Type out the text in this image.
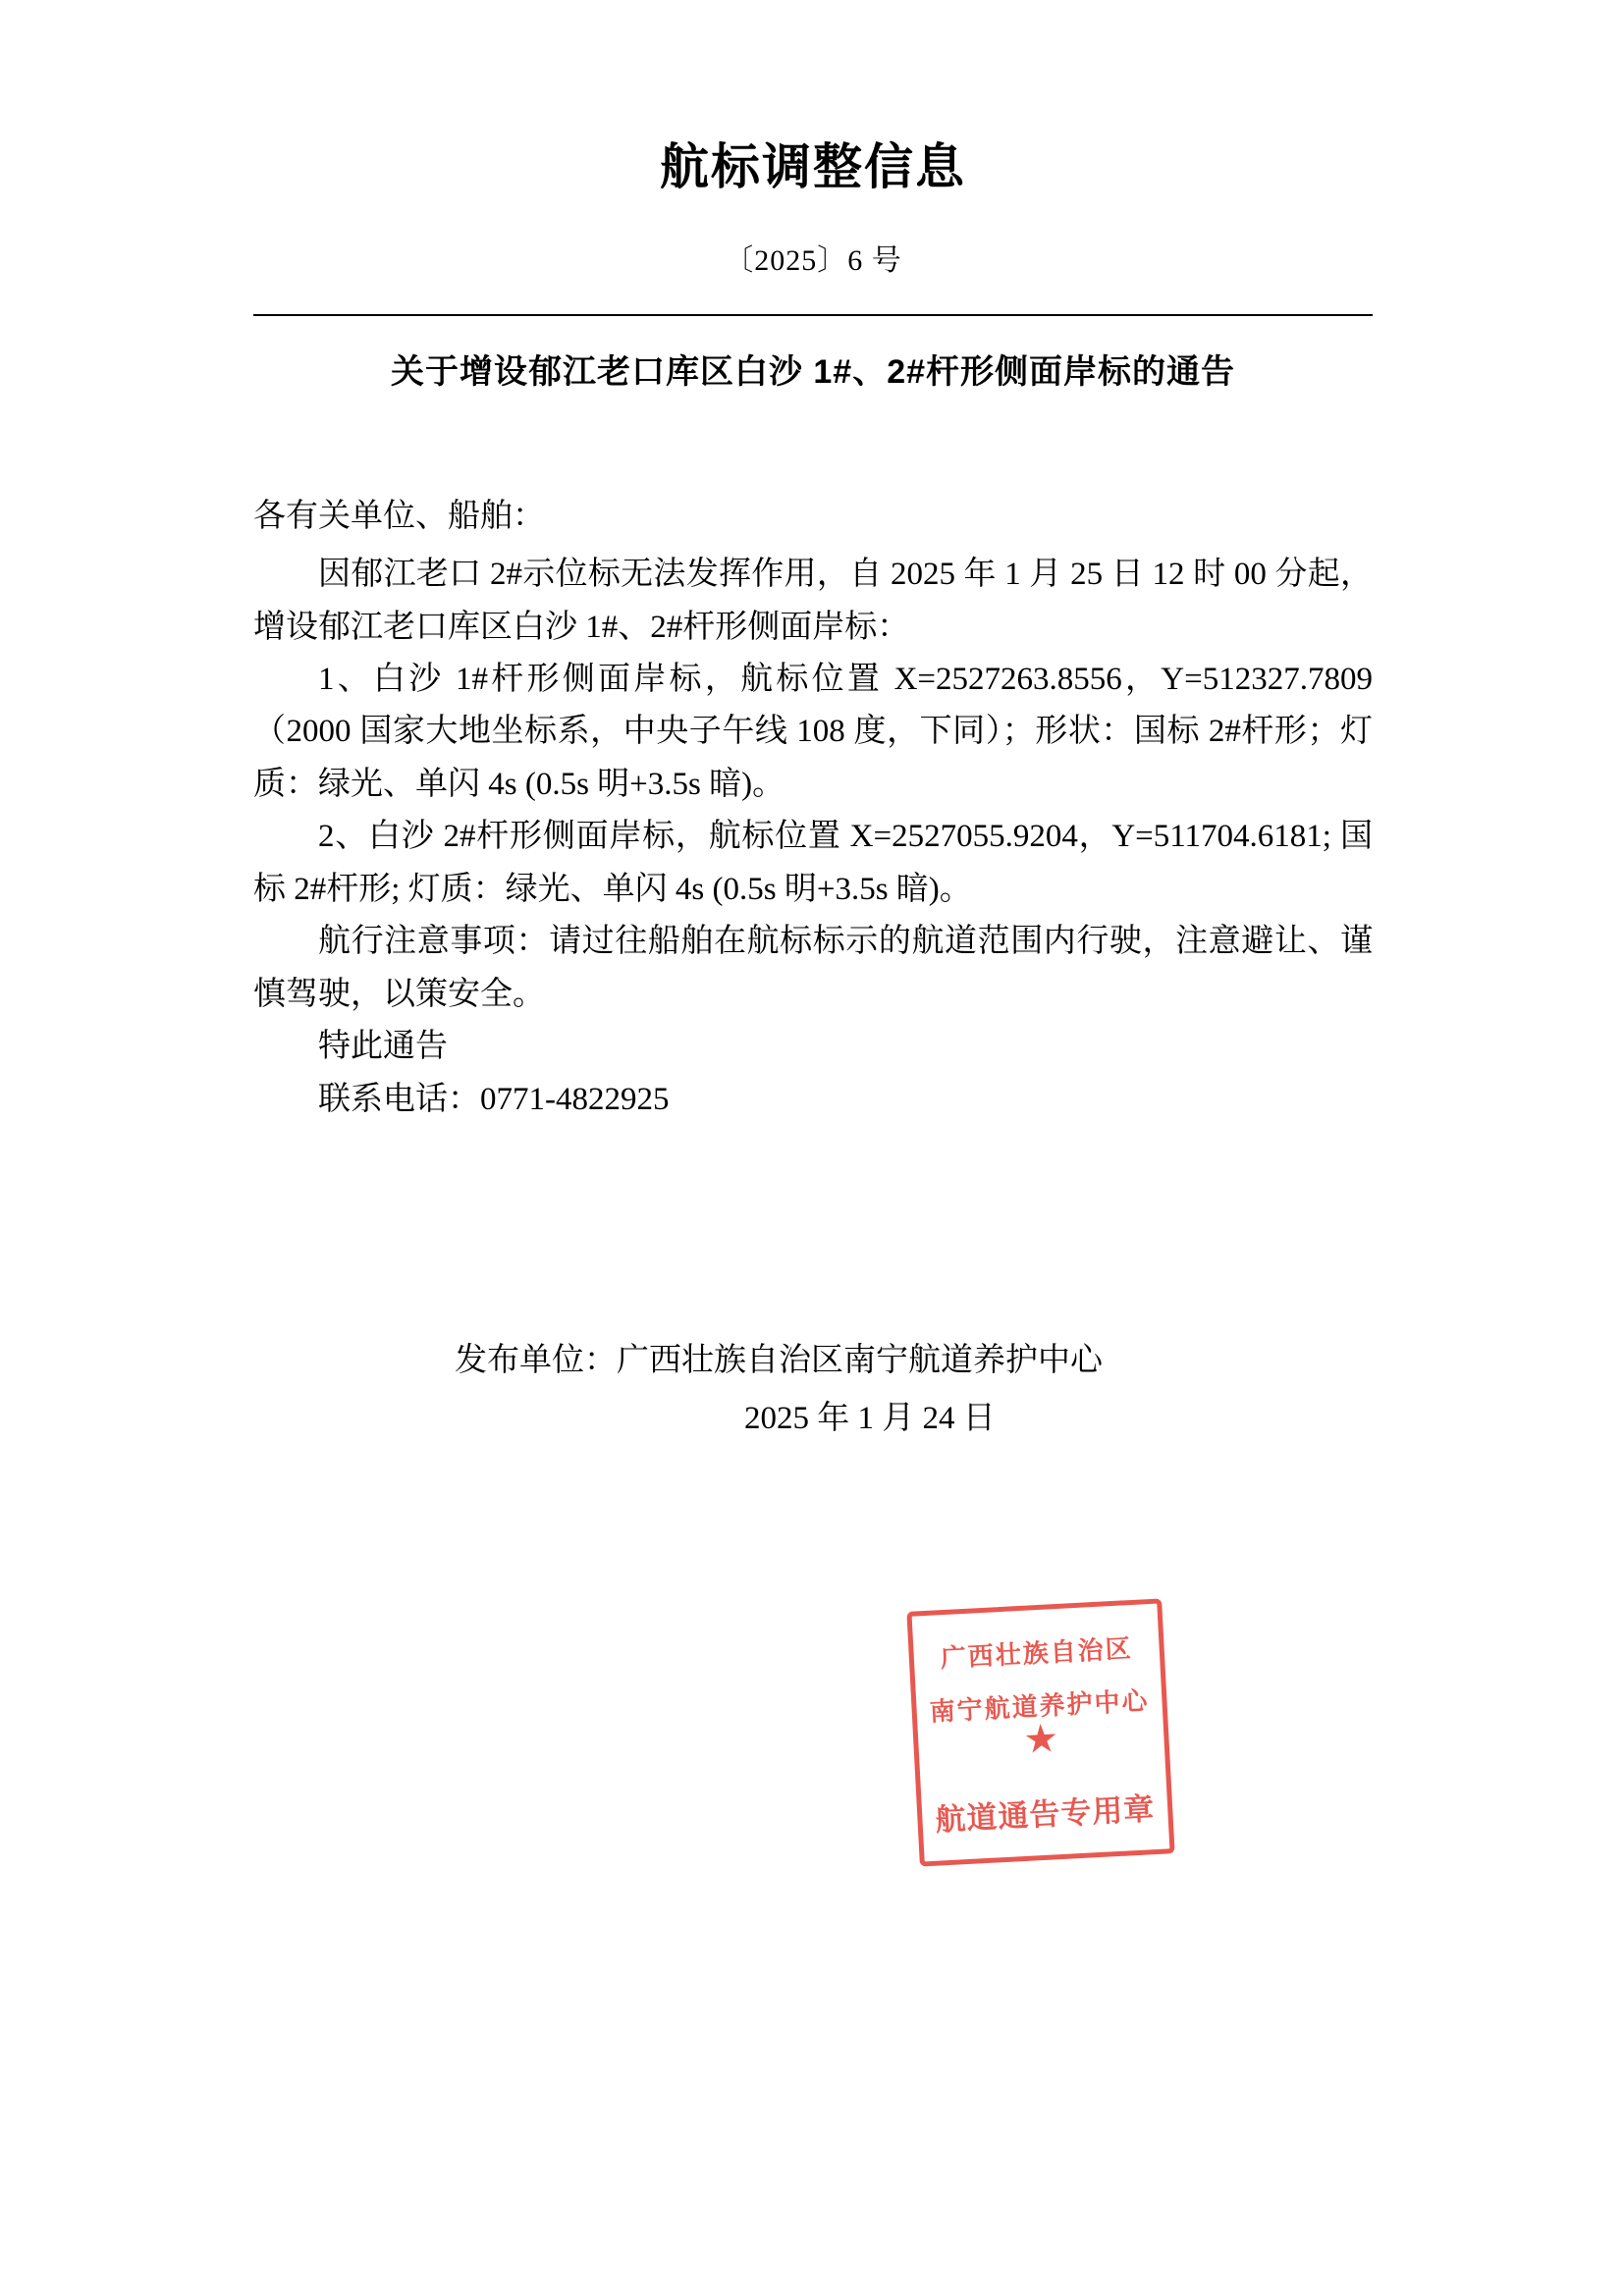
航标调整信息
〔2025〕6 号
关于增设郁江老口库区白沙 1#、2#杆形侧面岸标的通告

各有关单位、船舶：

因郁江老口 2#示位标无法发挥作用，自 2025 年 1 月 25 日 12 时 00 分起，增设郁江老口库区白沙 1#、2#杆形侧面岸标：

1、白沙 1#杆形侧面岸标，航标位置 X=2527263.8556，Y=512327.7809（2000 国家大地坐标系，中央子午线 108 度，下同）；形状：国标 2#杆形；灯质：绿光、单闪 4s (0.5s 明+3.5s 暗)。

2、白沙 2#杆形侧面岸标，航标位置 X=2527055.9204，Y=511704.6181; 国标 2#杆形; 灯质：绿光、单闪 4s (0.5s 明+3.5s 暗)。

航行注意事项：请过往船舶在航标标示的航道范围内行驶，注意避让、谨慎驾驶，以策安全。

特此通告

联系电话：0771-4822925

发布单位：广西壮族自治区南宁航道养护中心
2025 年 1 月 24 日
广西壮族自治区
南宁航道养护中心
★
航道通告专用章
